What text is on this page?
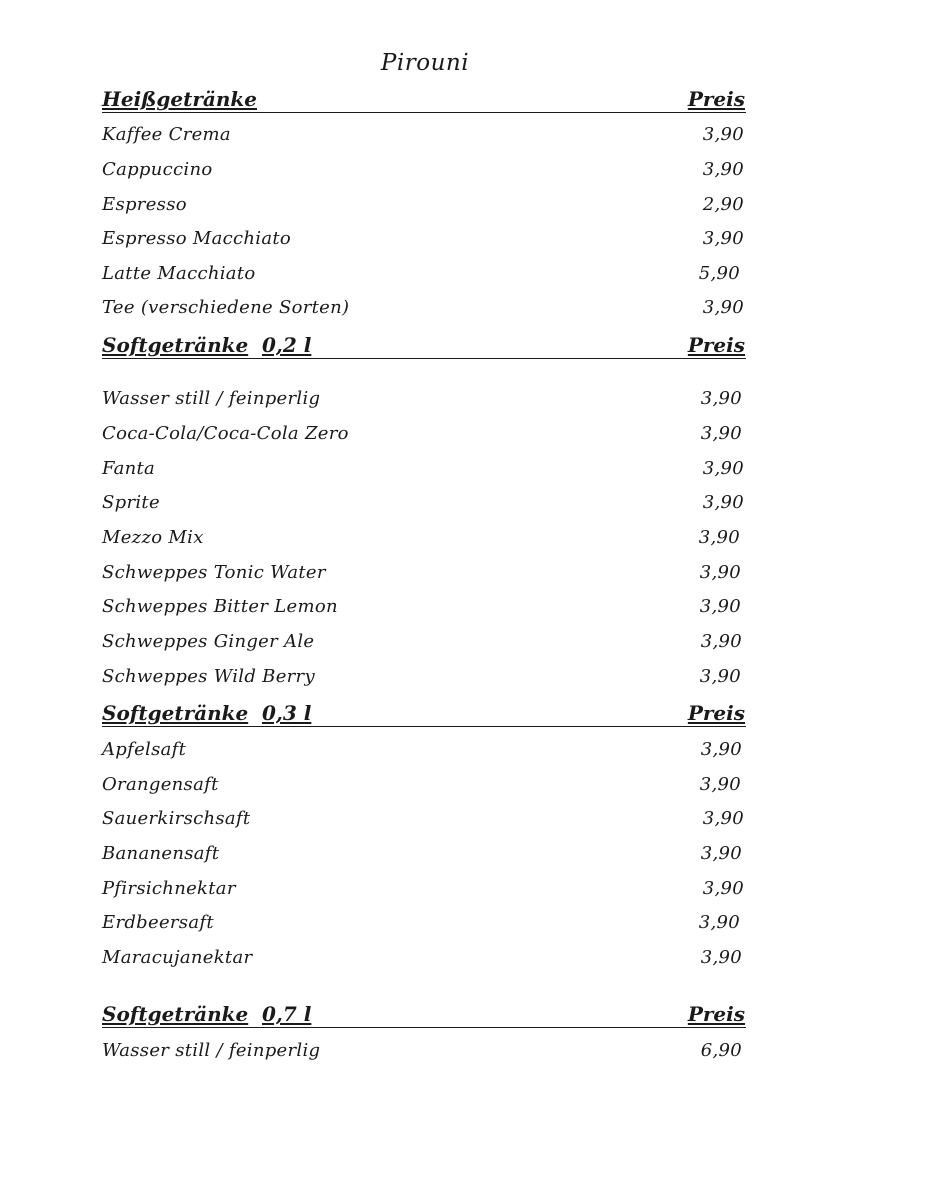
Pirouni
Heißgetränke	Preis
Kaffee Crema	3,90
Cappuccino	3,90
Espresso	2,90
Espresso Macchiato	3,90
Latte Macchiato	5,90
Tee (verschiedene Sorten)	3,90
Softgetränke 0,2 l	Preis
Wasser still / feinperlig	3,90
Coca-Cola/Coca-Cola Zero	3,90
Fanta	3,90
Sprite	3,90
Mezzo Mix	3,90
Schweppes Tonic Water	3,90
Schweppes Bitter Lemon	3,90
Schweppes Ginger Ale	3,90
Schweppes Wild Berry	3,90
Softgetränke 0,3 l	Preis
Apfelsaft	3,90
Orangensaft	3,90
Sauerkirschsaft	3,90
Bananensaft	3,90
Pfirsichnektar	3,90
Erdbeersaft	3,90
Maracujanektar	3,90
Softgetränke 0,7 l	Preis
Wasser still / feinperlig	6,90
